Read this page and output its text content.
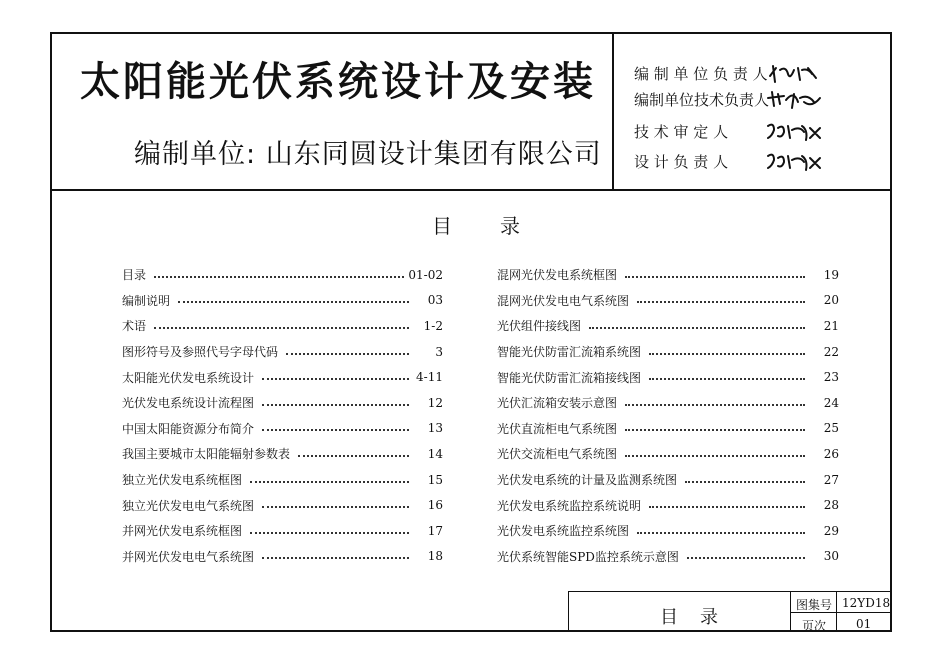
太阳能光伏系统设计及安装
编制单位: 山东同圆设计集团有限公司
编 制 单 位 负 责 人
编制单位技术负责人
技 术 审 定 人
设 计 负 责 人
目 录
目录	01-02
编制说明	03
术语	1-2
图形符号及参照代号字母代码	3
太阳能光伏发电系统设计	4-11
光伏发电系统设计流程图	12
中国太阳能资源分布简介	13
我国主要城市太阳能辐射参数表	14
独立光伏发电系统框图	15
独立光伏发电电气系统图	16
并网光伏发电系统框图	17
并网光伏发电电气系统图	18
混网光伏发电系统框图	19
混网光伏发电电气系统图	20
光伏组件接线图	21
智能光伏防雷汇流箱系统图	22
智能光伏防雷汇流箱接线图	23
光伏汇流箱安装示意图	24
光伏直流柜电气系统图	25
光伏交流柜电气系统图	26
光伏发电系统的计量及监测系统图	27
光伏发电系统监控系统说明	28
光伏发电系统监控系统图	29
光伏系统智能SPD监控系统示意图	30
目 录
图集号 12YD18
页次 01
